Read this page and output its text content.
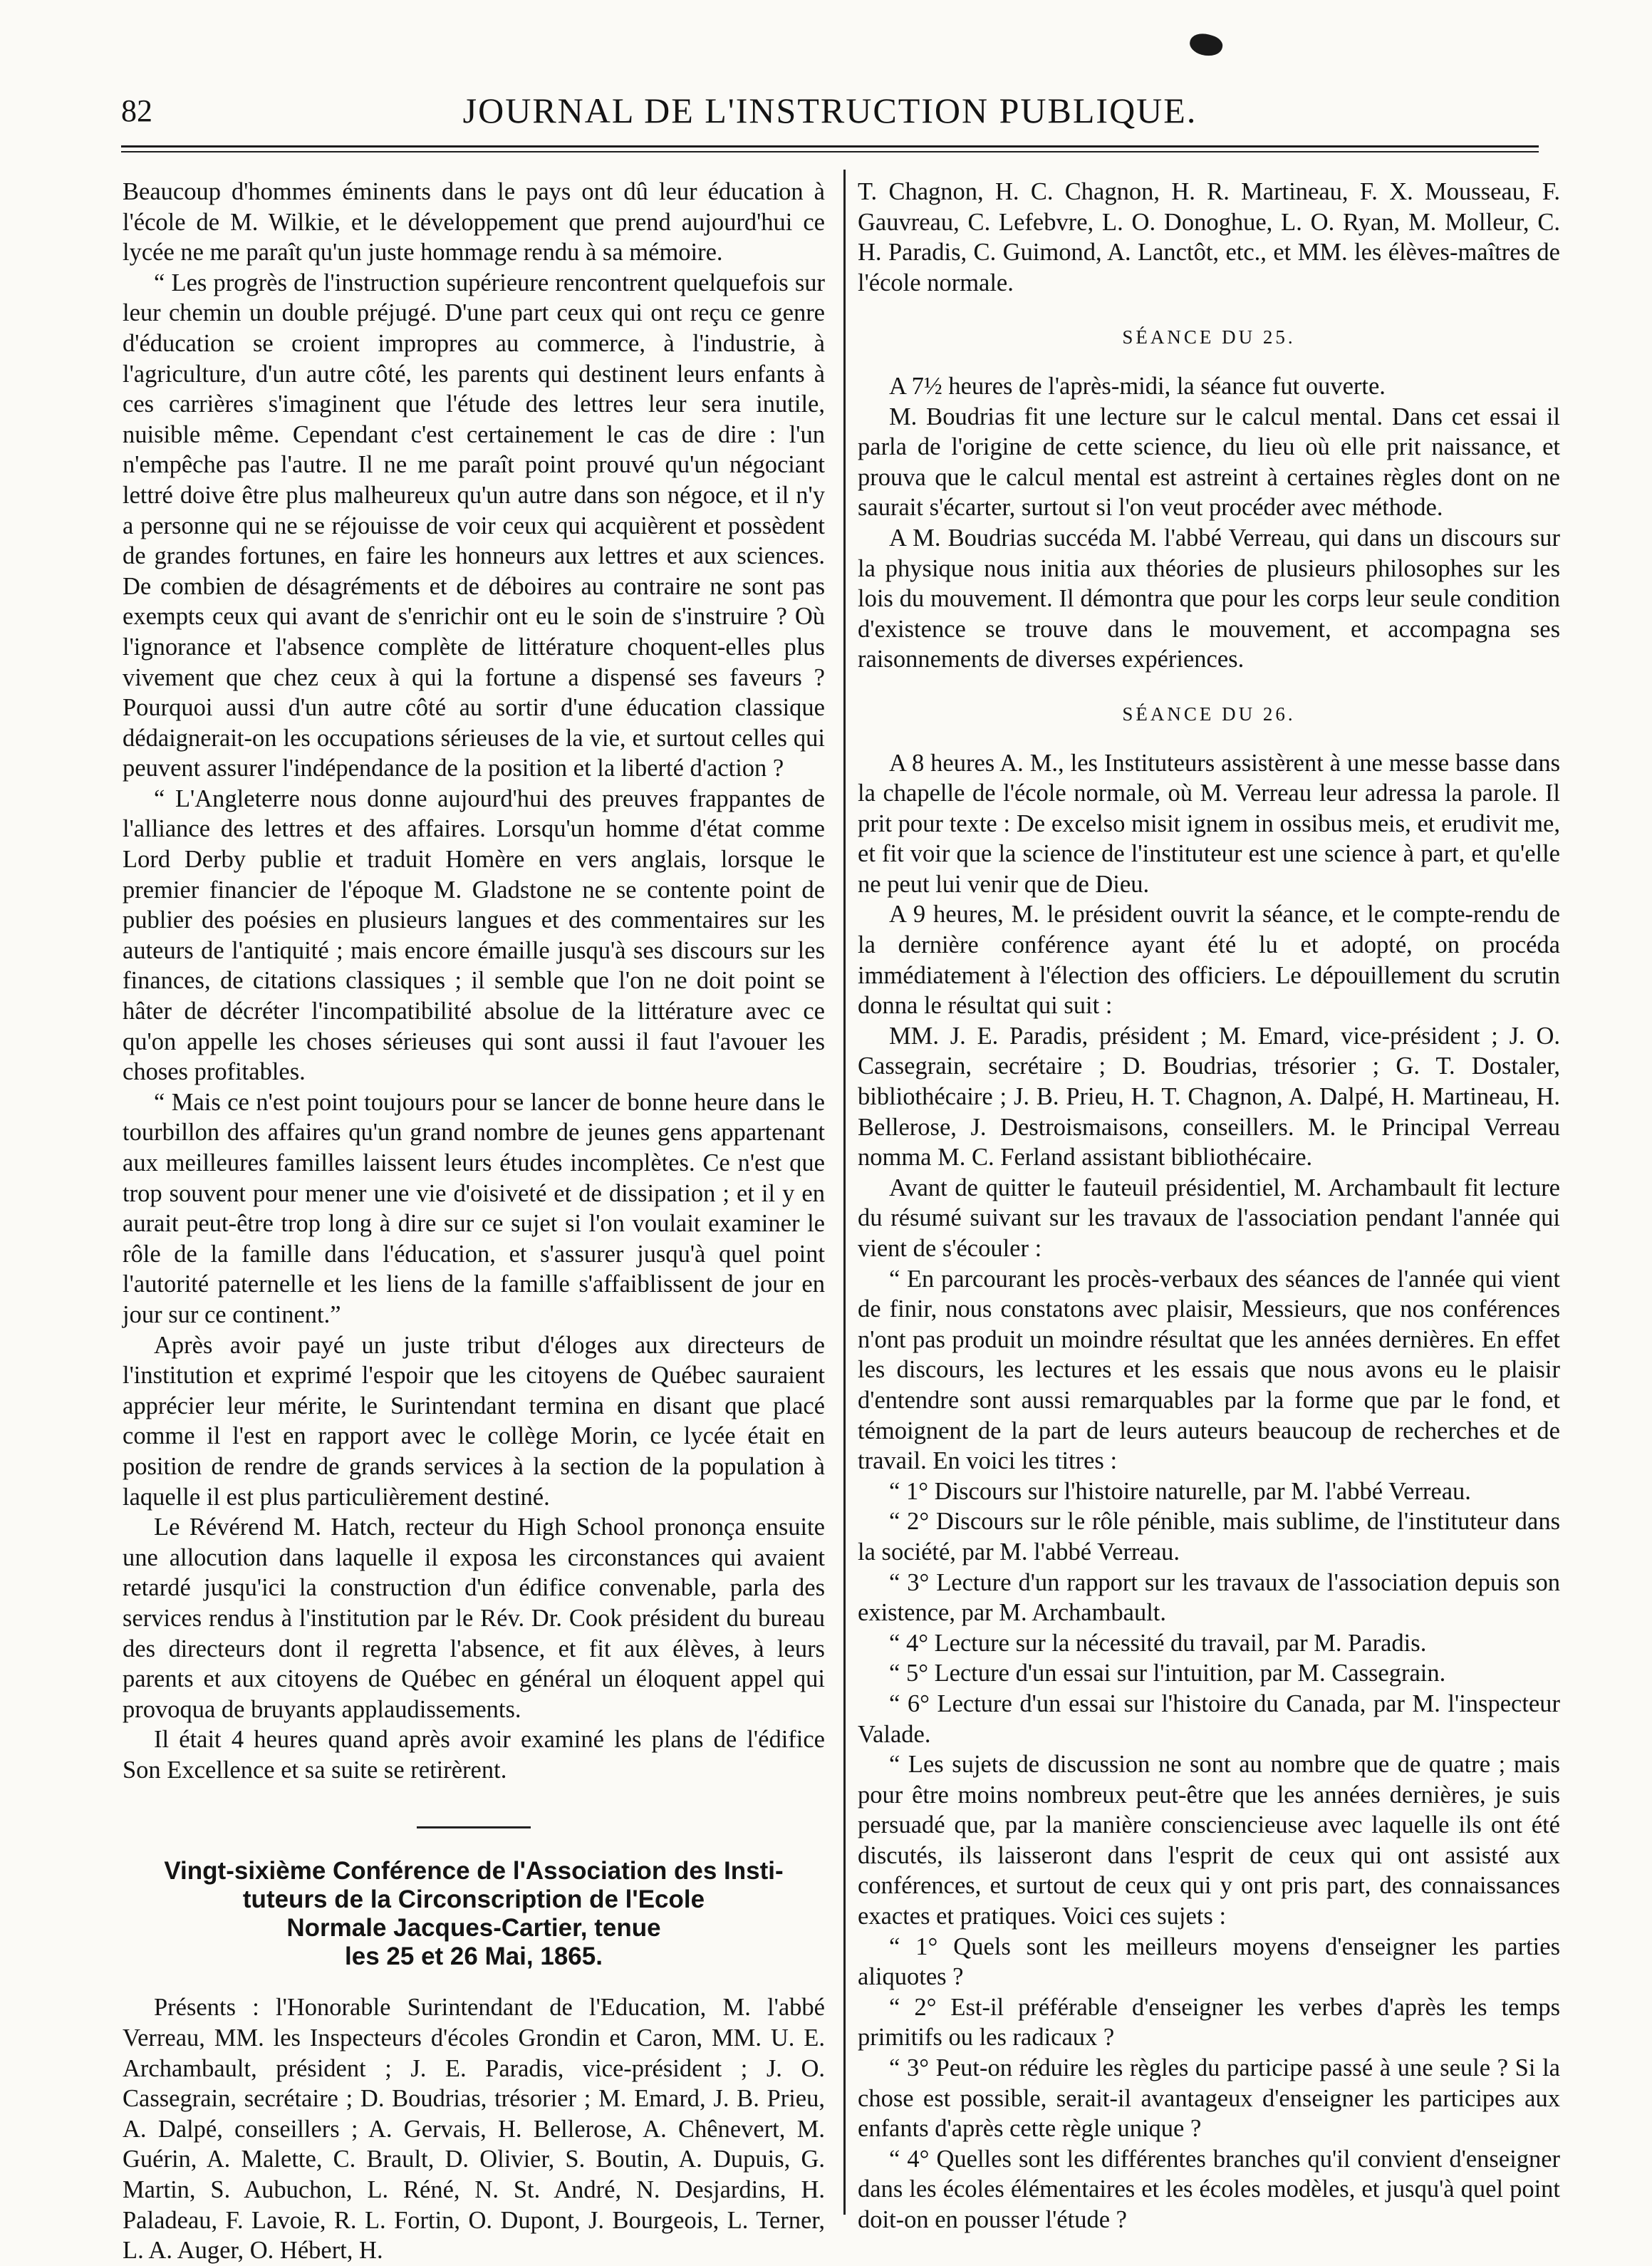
82	JOURNAL DE L'INSTRUCTION PUBLIQUE.

Beaucoup d'hommes éminents dans le pays ont dû leur éducation à l'école de M. Wilkie, et le développement que prend aujourd'hui ce lycée ne me paraît qu'un juste hommage rendu à sa mémoire.

“ Les progrès de l'instruction supérieure rencontrent quelquefois sur leur chemin un double préjugé. D'une part ceux qui ont reçu ce genre d'éducation se croient impropres au commerce, à l'industrie, à l'agriculture, d'un autre côté, les parents qui destinent leurs enfants à ces carrières s'imaginent que l'étude des lettres leur sera inutile, nuisible même. Cependant c'est certainement le cas de dire : l'un n'empêche pas l'autre. Il ne me paraît point prouvé qu'un négociant lettré doive être plus malheureux qu'un autre dans son négoce, et il n'y a personne qui ne se réjouisse de voir ceux qui acquièrent et possèdent de grandes fortunes, en faire les honneurs aux lettres et aux sciences. De combien de désagréments et de déboires au contraire ne sont pas exempts ceux qui avant de s'enrichir ont eu le soin de s'instruire ? Où l'ignorance et l'absence complète de littérature choquent-elles plus vivement que chez ceux à qui la fortune a dispensé ses faveurs ? Pourquoi aussi d'un autre côté au sortir d'une éducation classique dédaignerait-on les occupations sérieuses de la vie, et surtout celles qui peuvent assurer l'indépendance de la position et la liberté d'action ?

“ L'Angleterre nous donne aujourd'hui des preuves frappantes de l'alliance des lettres et des affaires. Lorsqu'un homme d'état comme Lord Derby publie et traduit Homère en vers anglais, lorsque le premier financier de l'époque M. Gladstone ne se contente point de publier des poésies en plusieurs langues et des commentaires sur les auteurs de l'antiquité ; mais encore émaille jusqu'à ses discours sur les finances, de citations classiques ; il semble que l'on ne doit point se hâter de décréter l'incompatibilité absolue de la littérature avec ce qu'on appelle les choses sérieuses qui sont aussi il faut l'avouer les choses profitables.

“ Mais ce n'est point toujours pour se lancer de bonne heure dans le tourbillon des affaires qu'un grand nombre de jeunes gens appartenant aux meilleures familles laissent leurs études incomplètes. Ce n'est que trop souvent pour mener une vie d'oisiveté et de dissipation ; et il y en aurait peut-être trop long à dire sur ce sujet si l'on voulait examiner le rôle de la famille dans l'éducation, et s'assurer jusqu'à quel point l'autorité paternelle et les liens de la famille s'affaiblissent de jour en jour sur ce continent.”

Après avoir payé un juste tribut d'éloges aux directeurs de l'institution et exprimé l'espoir que les citoyens de Québec sauraient apprécier leur mérite, le Surintendant termina en disant que placé comme il l'est en rapport avec le collège Morin, ce lycée était en position de rendre de grands services à la section de la population à laquelle il est plus particulièrement destiné.

Le Révérend M. Hatch, recteur du High School prononça ensuite une allocution dans laquelle il exposa les circonstances qui avaient retardé jusqu'ici la construction d'un édifice convenable, parla des services rendus à l'institution par le Rév. Dr. Cook président du bureau des directeurs dont il regretta l'absence, et fit aux élèves, à leurs parents et aux citoyens de Québec en général un éloquent appel qui provoqua de bruyants applaudissements.

Il était 4 heures quand après avoir examiné les plans de l'édifice Son Excellence et sa suite se retirèrent.

Vingt-sixième Conférence de l'Association des Insti-
tuteurs de la Circonscription de l'Ecole
Normale Jacques-Cartier, tenue
les 25 et 26 Mai, 1865.

Présents : l'Honorable Surintendant de l'Education, M. l'abbé Verreau, MM. les Inspecteurs d'écoles Grondin et Caron, MM. U. E. Archambault, président ; J. E. Paradis, vice-président ; J. O. Cassegrain, secrétaire ; D. Boudrias, trésorier ; M. Emard, J. B. Prieu, A. Dalpé, conseillers ; A. Gervais, H. Bellerose, A. Chênevert, M. Guérin, A. Malette, C. Brault, D. Olivier, S. Boutin, A. Dupuis, G. Martin, S. Aubuchon, L. Réné, N. St. André, N. Desjardins, H. Paladeau, F. Lavoie, R. L. Fortin, O. Dupont, J. Bourgeois, L. Terner, L. A. Auger, O. Hébert, H.

T. Chagnon, H. C. Chagnon, H. R. Martineau, F. X. Mousseau, F. Gauvreau, C. Lefebvre, L. O. Donoghue, L. O. Ryan, M. Molleur, C. H. Paradis, C. Guimond, A. Lanctôt, etc., et MM. les élèves-maîtres de l'école normale.

SÉANCE DU 25.

A 7½ heures de l'après-midi, la séance fut ouverte.

M. Boudrias fit une lecture sur le calcul mental. Dans cet essai il parla de l'origine de cette science, du lieu où elle prit naissance, et prouva que le calcul mental est astreint à certaines règles dont on ne saurait s'écarter, surtout si l'on veut procéder avec méthode.

A M. Boudrias succéda M. l'abbé Verreau, qui dans un discours sur la physique nous initia aux théories de plusieurs philosophes sur les lois du mouvement. Il démontra que pour les corps leur seule condition d'existence se trouve dans le mouvement, et accompagna ses raisonnements de diverses expériences.

SÉANCE DU 26.

A 8 heures A. M., les Instituteurs assistèrent à une messe basse dans la chapelle de l'école normale, où M. Verreau leur adressa la parole. Il prit pour texte : De excelso misit ignem in ossibus meis, et erudivit me, et fit voir que la science de l'instituteur est une science à part, et qu'elle ne peut lui venir que de Dieu.

A 9 heures, M. le président ouvrit la séance, et le compte-rendu de la dernière conférence ayant été lu et adopté, on procéda immédiatement à l'élection des officiers. Le dépouillement du scrutin donna le résultat qui suit :

MM. J. E. Paradis, président ; M. Emard, vice-président ; J. O. Cassegrain, secrétaire ; D. Boudrias, trésorier ; G. T. Dostaler, bibliothécaire ; J. B. Prieu, H. T. Chagnon, A. Dalpé, H. Martineau, H. Bellerose, J. Destroismaisons, conseillers. M. le Principal Verreau nomma M. C. Ferland assistant bibliothécaire.

Avant de quitter le fauteuil présidentiel, M. Archambault fit lecture du résumé suivant sur les travaux de l'association pendant l'année qui vient de s'écouler :

“ En parcourant les procès-verbaux des séances de l'année qui vient de finir, nous constatons avec plaisir, Messieurs, que nos conférences n'ont pas produit un moindre résultat que les années dernières. En effet les discours, les lectures et les essais que nous avons eu le plaisir d'entendre sont aussi remarquables par la forme que par le fond, et témoignent de la part de leurs auteurs beaucoup de recherches et de travail. En voici les titres :

“ 1° Discours sur l'histoire naturelle, par M. l'abbé Verreau.

“ 2° Discours sur le rôle pénible, mais sublime, de l'instituteur dans la société, par M. l'abbé Verreau.

“ 3° Lecture d'un rapport sur les travaux de l'association depuis son existence, par M. Archambault.

“ 4° Lecture sur la nécessité du travail, par M. Paradis.

“ 5° Lecture d'un essai sur l'intuition, par M. Cassegrain.

“ 6° Lecture d'un essai sur l'histoire du Canada, par M. l'inspecteur Valade.

“ Les sujets de discussion ne sont au nombre que de quatre ; mais pour être moins nombreux peut-être que les années dernières, je suis persuadé que, par la manière consciencieuse avec laquelle ils ont été discutés, ils laisseront dans l'esprit de ceux qui ont assisté aux conférences, et surtout de ceux qui y ont pris part, des connaissances exactes et pratiques. Voici ces sujets :

“ 1° Quels sont les meilleurs moyens d'enseigner les parties aliquotes ?

“ 2° Est-il préférable d'enseigner les verbes d'après les temps primitifs ou les radicaux ?

“ 3° Peut-on réduire les règles du participe passé à une seule ? Si la chose est possible, serait-il avantageux d'enseigner les participes aux enfants d'après cette règle unique ?

“ 4° Quelles sont les différentes branches qu'il convient d'enseigner dans les écoles élémentaires et les écoles modèles, et jusqu'à quel point doit-on en pousser l'étude ?
